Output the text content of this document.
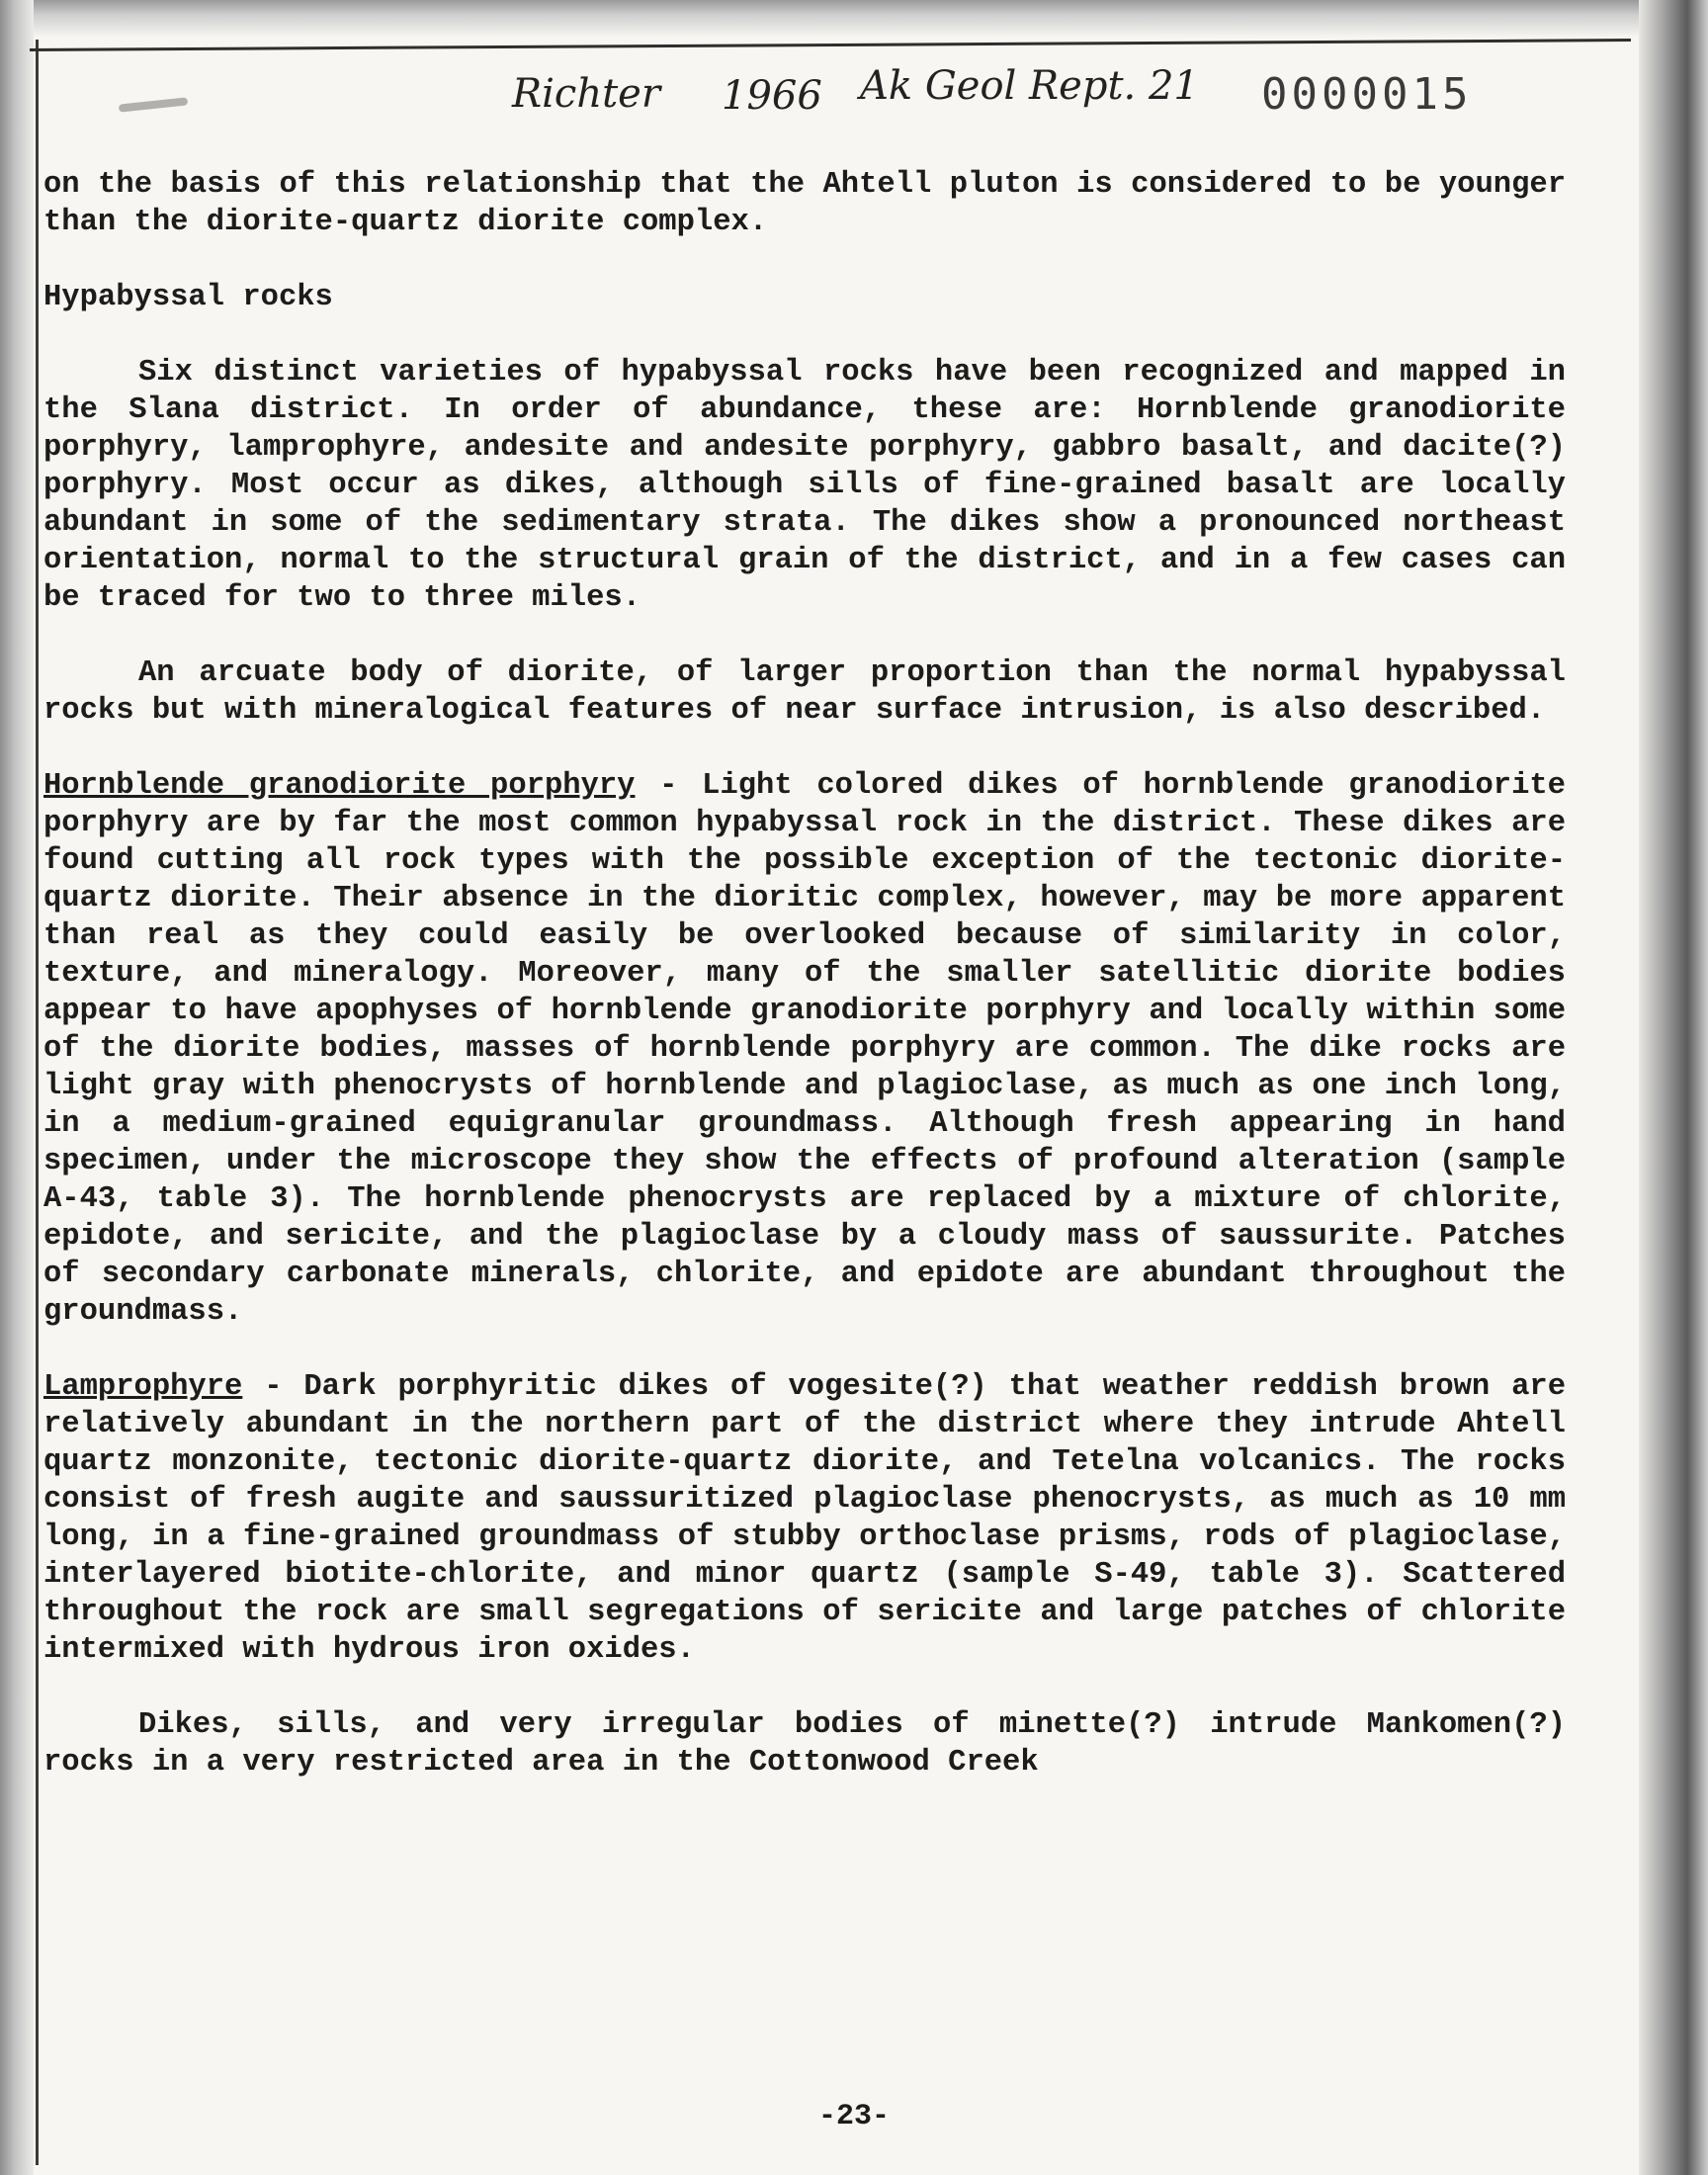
Richter 1966 Ak Geol Rept. 21 0000015

on the basis of this relationship that the Ahtell pluton is considered to be younger than the diorite-quartz diorite complex.

Hypabyssal rocks

Six distinct varieties of hypabyssal rocks have been recognized and mapped in the Slana district. In order of abundance, these are: Hornblende granodiorite porphyry, lamprophyre, andesite and andesite porphyry, gabbro basalt, and dacite(?) porphyry. Most occur as dikes, although sills of fine-grained basalt are locally abundant in some of the sedimentary strata. The dikes show a pronounced northeast orientation, normal to the structural grain of the district, and in a few cases can be traced for two to three miles.

An arcuate body of diorite, of larger proportion than the normal hypabyssal rocks but with mineralogical features of near surface intrusion, is also described.

Hornblende granodiorite porphyry - Light colored dikes of hornblende granodiorite porphyry are by far the most common hypabyssal rock in the district. These dikes are found cutting all rock types with the possible exception of the tectonic diorite-quartz diorite. Their absence in the dioritic complex, however, may be more apparent than real as they could easily be overlooked because of similarity in color, texture, and mineralogy. Moreover, many of the smaller satellitic diorite bodies appear to have apophyses of hornblende granodiorite porphyry and locally within some of the diorite bodies, masses of hornblende porphyry are common. The dike rocks are light gray with phenocrysts of hornblende and plagioclase, as much as one inch long, in a medium-grained equigranular groundmass. Although fresh appearing in hand specimen, under the microscope they show the effects of profound alteration (sample A-43, table 3). The hornblende phenocrysts are replaced by a mixture of chlorite, epidote, and sericite, and the plagioclase by a cloudy mass of saussurite. Patches of secondary carbonate minerals, chlorite, and epidote are abundant throughout the groundmass.

Lamprophyre - Dark porphyritic dikes of vogesite(?) that weather reddish brown are relatively abundant in the northern part of the district where they intrude Ahtell quartz monzonite, tectonic diorite-quartz diorite, and Tetelna volcanics. The rocks consist of fresh augite and saussuritized plagioclase phenocrysts, as much as 10 mm long, in a fine-grained groundmass of stubby orthoclase prisms, rods of plagioclase, interlayered biotite-chlorite, and minor quartz (sample S-49, table 3). Scattered throughout the rock are small segregations of sericite and large patches of chlorite intermixed with hydrous iron oxides.

Dikes, sills, and very irregular bodies of minette(?) intrude Mankomen(?) rocks in a very restricted area in the Cottonwood Creek

-23-
